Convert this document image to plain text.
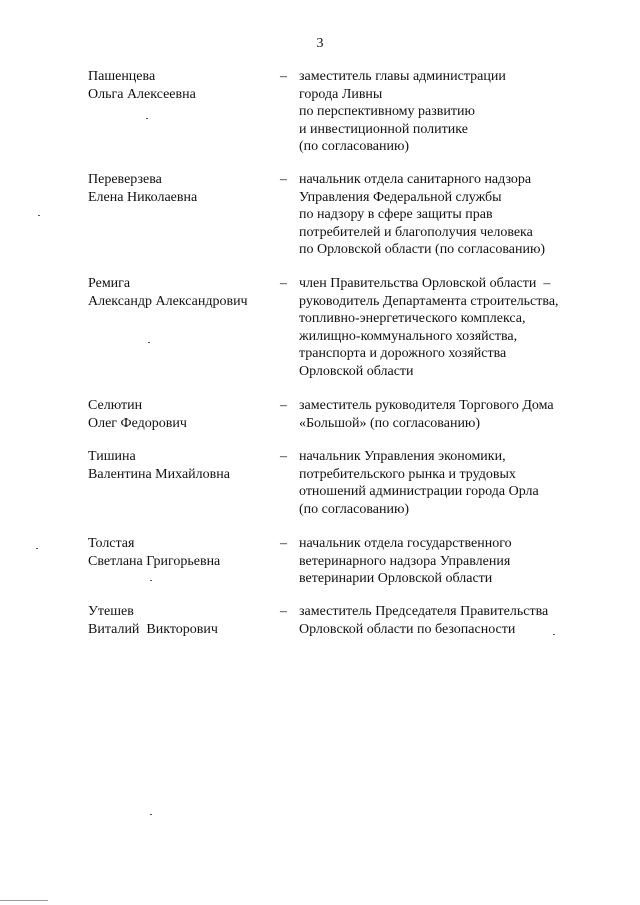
3
Пашенцева
Ольга Алексеевна
– заместитель главы администрации
города Ливны
по перспективному развитию
и инвестиционной политике
(по согласованию)
Переверзева
Елена Николаевна
– начальник отдела санитарного надзора
Управления Федеральной службы
по надзору в сфере защиты прав
потребителей и благополучия человека
по Орловской области (по согласованию)
Ремига
Александр Александрович
– член Правительства Орловской области  –
руководитель Департамента строительства,
топливно-энергетического комплекса,
жилищно-коммунального хозяйства,
транспорта и дорожного хозяйства
Орловской области
Селютин
Олег Федорович
– заместитель руководителя Торгового Дома
«Большой» (по согласованию)
Тишина
Валентина Михайловна
– начальник Управления экономики,
потребительского рынка и трудовых
отношений администрации города Орла
(по согласованию)
Толстая
Светлана Григорьевна
– начальник отдела государственного
ветеринарного надзора Управления
ветеринарии Орловской области
Утешев
Виталий  Викторович
– заместитель Председателя Правительства
Орловской области по безопасности
